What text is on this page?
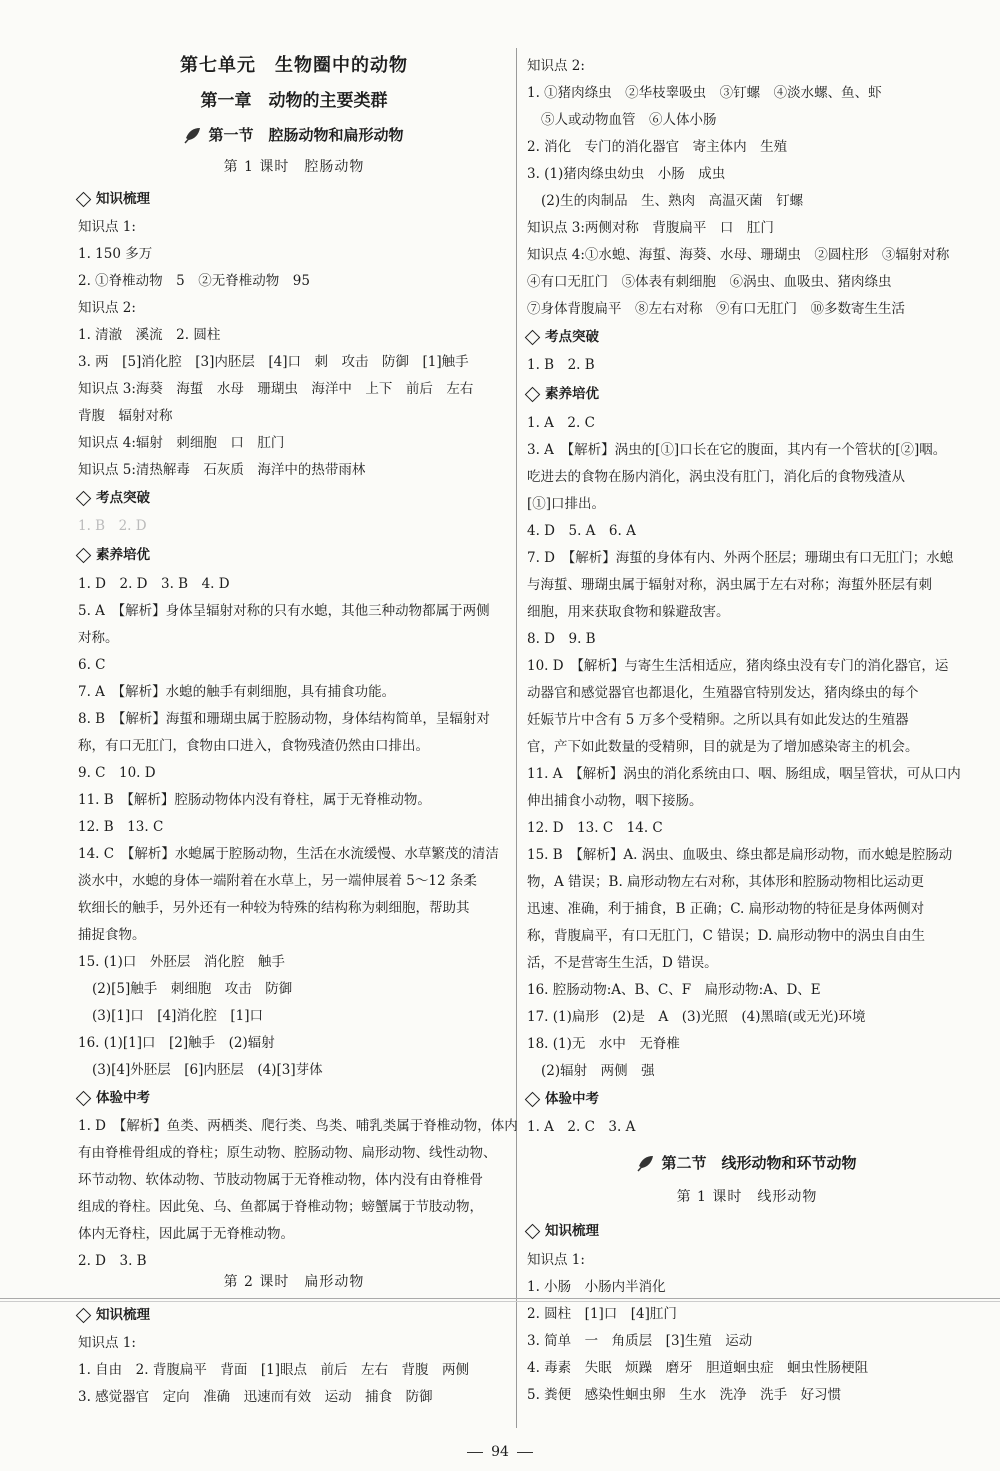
第七单元　生物圈中的动物
第一章　动物的主要类群
第一节　腔肠动物和扁形动物
第 1 课时　腔肠动物
知识梳理
知识点 1:
1. 150 多万
2. ①脊椎动物　5　②无脊椎动物　95
知识点 2:
1. 清澈　溪流　2. 圆柱
3. 两　[5]消化腔　[3]内胚层　[4]口　刺　攻击　防御　[1]触手
知识点 3:海葵　海蜇　水母　珊瑚虫　海洋中　上下　前后　左右
背腹　辐射对称
知识点 4:辐射　刺细胞　口　肛门
知识点 5:清热解毒　石灰质　海洋中的热带雨林
考点突破
1. B　2. D
素养培优
1. D　2. D　3. B　4. D
5. A　【解析】身体呈辐射对称的只有水螅，其他三种动物都属于两侧
对称。
6. C
7. A　【解析】水螅的触手有刺细胞，具有捕食功能。
8. B　【解析】海蜇和珊瑚虫属于腔肠动物，身体结构简单，呈辐射对
称，有口无肛门，食物由口进入，食物残渣仍然由口排出。
9. C　10. D
11. B　【解析】腔肠动物体内没有脊柱，属于无脊椎动物。
12. B　13. C
14. C　【解析】水螅属于腔肠动物，生活在水流缓慢、水草繁茂的清洁
淡水中，水螅的身体一端附着在水草上，另一端伸展着 5～12 条柔
软细长的触手，另外还有一种较为特殊的结构称为刺细胞，帮助其
捕捉食物。
15. (1)口　外胚层　消化腔　触手
(2)[5]触手　刺细胞　攻击　防御
(3)[1]口　[4]消化腔　[1]口
16. (1)[1]口　[2]触手　(2)辐射
(3)[4]外胚层　[6]内胚层　(4)[3]芽体
体验中考
1. D　【解析】鱼类、两栖类、爬行类、鸟类、哺乳类属于脊椎动物，体内
有由脊椎骨组成的脊柱；原生动物、腔肠动物、扁形动物、线性动物、
环节动物、软体动物、节肢动物属于无脊椎动物，体内没有由脊椎骨
组成的脊柱。因此兔、乌、鱼都属于脊椎动物；螃蟹属于节肢动物，
体内无脊柱，因此属于无脊椎动物。
2. D　3. B
第 2 课时　扁形动物
知识梳理
知识点 1:
1. 自由　2. 背腹扁平　背面　[1]眼点　前后　左右　背腹　两侧
3. 感觉器官　定向　准确　迅速而有效　运动　捕食　防御
知识点 2:
1. ①猪肉绦虫　②华枝睾吸虫　③钉螺　④淡水螺、鱼、虾
⑤人或动物血管　⑥人体小肠
2. 消化　专门的消化器官　寄主体内　生殖
3. (1)猪肉绦虫幼虫　小肠　成虫
(2)生的肉制品　生、熟肉　高温灭菌　钉螺
知识点 3:两侧对称　背腹扁平　口　肛门
知识点 4:①水螅、海蜇、海葵、水母、珊瑚虫　②圆柱形　③辐射对称
④有口无肛门　⑤体表有刺细胞　⑥涡虫、血吸虫、猪肉绦虫
⑦身体背腹扁平　⑧左右对称　⑨有口无肛门　⑩多数寄生生活
考点突破
1. B　2. B
素养培优
1. A　2. C
3. A　【解析】涡虫的[①]口长在它的腹面，其内有一个管状的[②]咽。
吃进去的食物在肠内消化，涡虫没有肛门，消化后的食物残渣从
[①]口排出。
4. D　5. A　6. A
7. D　【解析】海蜇的身体有内、外两个胚层；珊瑚虫有口无肛门；水螅
与海蜇、珊瑚虫属于辐射对称，涡虫属于左右对称；海蜇外胚层有刺
细胞，用来获取食物和躲避敌害。
8. D　9. B
10. D　【解析】与寄生生活相适应，猪肉绦虫没有专门的消化器官，运
动器官和感觉器官也都退化，生殖器官特别发达，猪肉绦虫的每个
妊娠节片中含有 5 万多个受精卵。之所以具有如此发达的生殖器
官，产下如此数量的受精卵，目的就是为了增加感染寄主的机会。
11. A　【解析】涡虫的消化系统由口、咽、肠组成，咽呈管状，可从口内
伸出捕食小动物，咽下接肠。
12. D　13. C　14. C
15. B　【解析】A. 涡虫、血吸虫、绦虫都是扁形动物，而水螅是腔肠动
物，A 错误；B. 扁形动物左右对称，其体形和腔肠动物相比运动更
迅速、准确，利于捕食，B 正确；C. 扁形动物的特征是身体两侧对
称，背腹扁平，有口无肛门，C 错误；D. 扁形动物中的涡虫自由生
活，不是营寄生生活，D 错误。
16. 腔肠动物:A、B、C、F　扁形动物:A、D、E
17. (1)扁形　(2)是　A　(3)光照　(4)黑暗(或无光)环境
18. (1)无　水中　无脊椎
(2)辐射　两侧　强
体验中考
1. A　2. C　3. A
第二节　线形动物和环节动物
第 1 课时　线形动物
知识梳理
知识点 1:
1. 小肠　小肠内半消化
2. 圆柱　[1]口　[4]肛门
3. 简单　一　角质层　[3]生殖　运动
4. 毒素　失眠　烦躁　磨牙　胆道蛔虫症　蛔虫性肠梗阻
5. 粪便　感染性蛔虫卵　生水　洗净　洗手　好习惯
94
